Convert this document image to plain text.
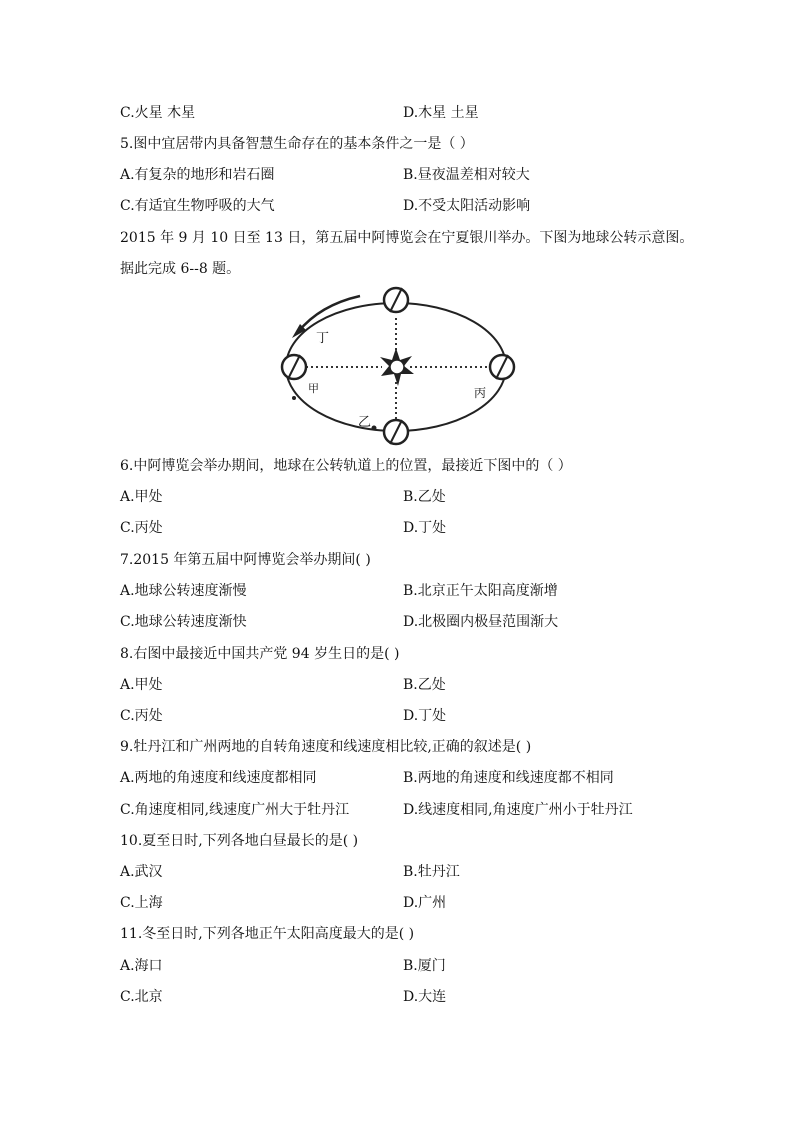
C.火星 木星	D.木星 土星
5.图中宜居带内具备智慧生命存在的基本条件之一是（ ）
A.有复杂的地形和岩石圈	B.昼夜温差相对较大
C.有适宜生物呼吸的大气	D.不受太阳活动影响
2015 年 9 月 10 日至 13 日，第五届中阿博览会在宁夏银川举办。下图为地球公转示意图。
据此完成 6--8 题。
丁
甲
乙
丙
6.中阿博览会举办期间，地球在公转轨道上的位置，最接近下图中的（ ）
A.甲处	B.乙处
C.丙处	D.丁处
7.2015 年第五届中阿博览会举办期间( )
A.地球公转速度渐慢	B.北京正午太阳高度渐增
C.地球公转速度渐快	D.北极圈内极昼范围渐大
8.右图中最接近中国共产党 94 岁生日的是( )
A.甲处	B.乙处
C.丙处	D.丁处
9.牡丹江和广州两地的自转角速度和线速度相比较,正确的叙述是( )
A.两地的角速度和线速度都相同	B.两地的角速度和线速度都不相同
C.角速度相同,线速度广州大于牡丹江	D.线速度相同,角速度广州小于牡丹江
10.夏至日时,下列各地白昼最长的是( )
A.武汉	B.牡丹江
C.上海	D.广州
11.冬至日时,下列各地正午太阳高度最大的是( )
A.海口	B.厦门
C.北京	D.大连
